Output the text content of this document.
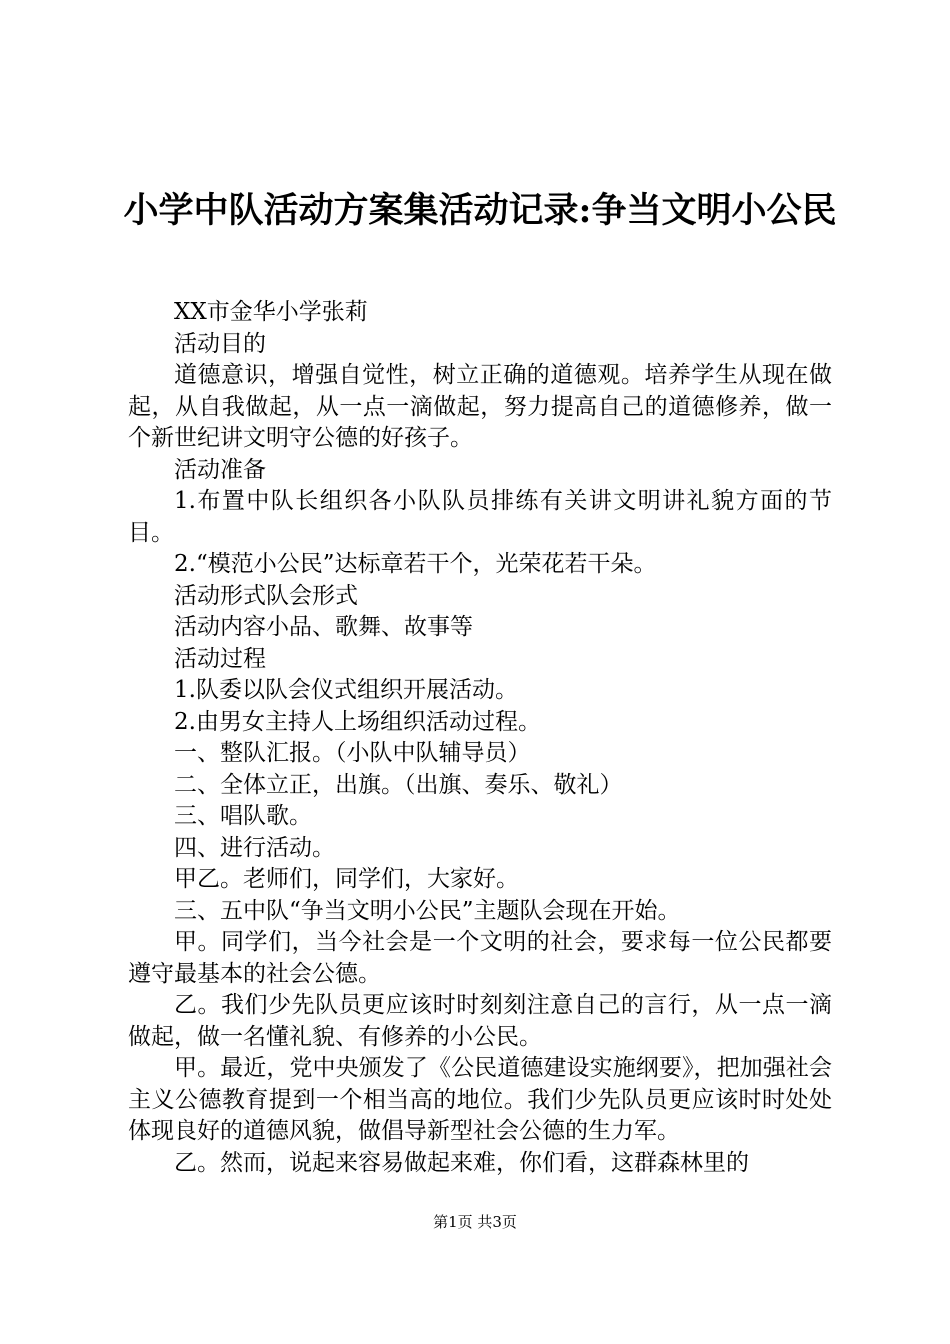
小学中队活动方案集活动记录:争当文明小公民

XX市金华小学张莉

活动目的

道德意识，增强自觉性，树立正确的道德观。培养学生从现在做起，从自我做起，从一点一滴做起，努力提高自己的道德修养，做一个新世纪讲文明守公德的好孩子。

活动准备

1.布置中队长组织各小队队员排练有关讲文明讲礼貌方面的节目。

2.“模范小公民”达标章若干个，光荣花若干朵。

活动形式队会形式

活动内容小品、歌舞、故事等

活动过程

1.队委以队会仪式组织开展活动。

2.由男女主持人上场组织活动过程。

一、整队汇报。（小队中队辅导员）

二、全体立正，出旗。（出旗、奏乐、敬礼）

三、唱队歌。

四、进行活动。

甲乙。老师们，同学们，大家好。

三、五中队“争当文明小公民”主题队会现在开始。

甲。同学们，当今社会是一个文明的社会，要求每一位公民都要遵守最基本的社会公德。

乙。我们少先队员更应该时时刻刻注意自己的言行，从一点一滴做起，做一名懂礼貌、有修养的小公民。

甲。最近，党中央颁发了《公民道德建设实施纲要》，把加强社会主义公德教育提到一个相当高的地位。我们少先队员更应该时时处处体现良好的道德风貌，做倡导新型社会公德的生力军。

乙。然而，说起来容易做起来难，你们看，这群森林里的

第1页 共3页
